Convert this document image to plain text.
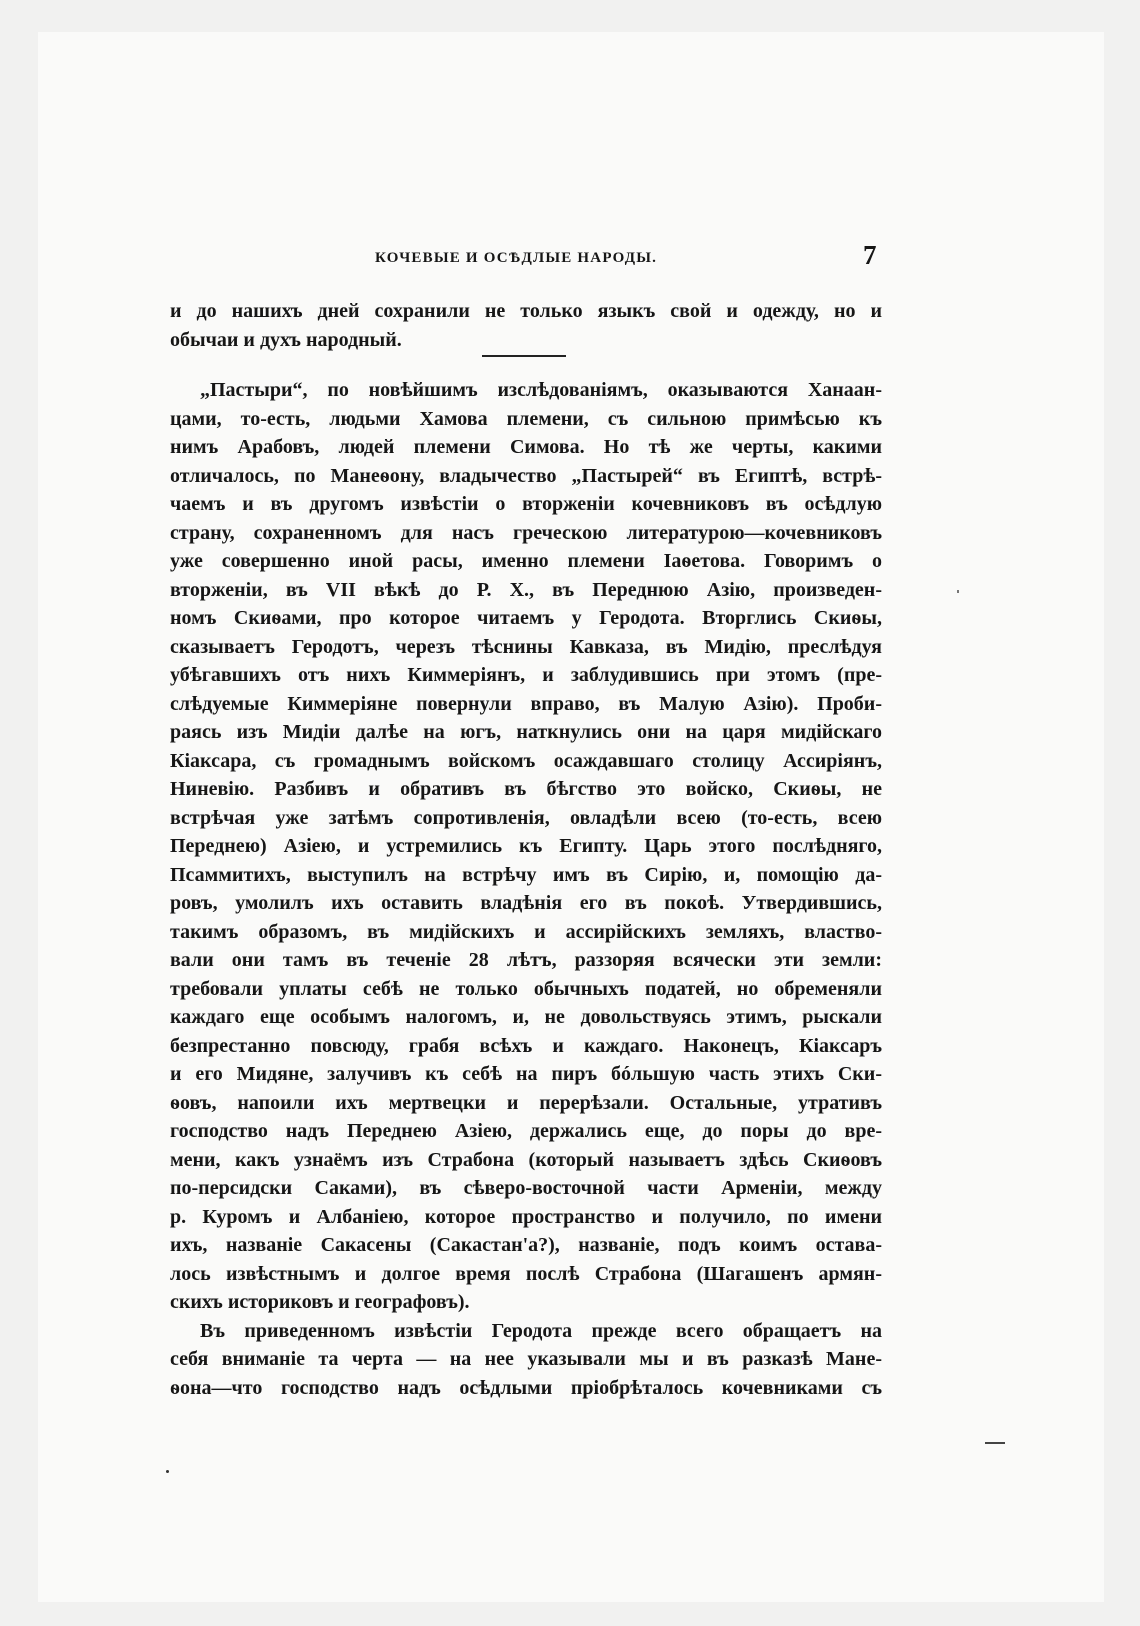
КОЧЕВЫЕ И ОСѢДЛЫЕ НАРОДЫ.	7
и до нашихъ дней сохранили не только языкъ свой и одежду, но и
обычаи и духъ народный.
„Пастыри“, по новѣйшимъ изслѣдованіямъ, оказываются Ханаан-
цами, то-есть, людьми Хамова племени, съ сильною примѣсью къ
нимъ Арабовъ, людей племени Симова. Но тѣ же черты, какими
отличалось, по Манеѳону, владычество „Пастырей“ въ Египтѣ, встрѣ-
чаемъ и въ другомъ извѣстіи о вторженіи кочевниковъ въ осѣдлую
страну, сохраненномъ для насъ греческою литературою—кочевниковъ
уже совершенно иной расы, именно племени Іаѳетова. Говоримъ о
вторженіи, въ VII вѣкѣ до Р. Х., въ Переднюю Азію, произведен-
номъ Скиѳами, про которое читаемъ у Геродота. Вторглись Скиѳы,
сказываетъ Геродотъ, черезъ тѣснины Кавказа, въ Мидію, преслѣдуя
убѣгавшихъ отъ нихъ Киммеріянъ, и заблудившись при этомъ (пре-
слѣдуемые Киммеріяне повернули вправо, въ Малую Азію). Проби-
раясь изъ Мидіи далѣе на югъ, наткнулись они на царя мидійскаго
Кіаксара, съ громаднымъ войскомъ осаждавшаго столицу Ассиріянъ,
Ниневію. Разбивъ и обративъ въ бѣгство это войско, Скиѳы, не
встрѣчая уже затѣмъ сопротивленія, овладѣли всею (то-есть, всею
Переднею) Азіею, и устремились къ Египту. Царь этого послѣдняго,
Псаммитихъ, выступилъ на встрѣчу имъ въ Сирію, и, помощію да-
ровъ, умолилъ ихъ оставить владѣнія его въ покоѣ. Утвердившись,
такимъ образомъ, въ мидійскихъ и ассирійскихъ земляхъ, властво-
вали они тамъ въ теченіе 28 лѣтъ, раззоряя всячески эти земли:
требовали уплаты себѣ не только обычныхъ податей, но обременяли
каждаго еще особымъ налогомъ, и, не довольствуясь этимъ, рыскали
безпрестанно повсюду, грабя всѣхъ и каждаго. Наконецъ, Кіаксаръ
и его Мидяне, залучивъ къ себѣ на пиръ бóльшую часть этихъ Ски-
ѳовъ, напоили ихъ мертвецки и перерѣзали. Остальные, утративъ
господство надъ Переднею Азіею, держались еще, до поры до вре-
мени, какъ узнаёмъ изъ Страбона (который называетъ здѣсь Скиѳовъ
по-персидски Саками), въ сѣверо-восточной части Арменіи, между
р. Куромъ и Албаніею, которое пространство и получило, по имени
ихъ, названіе Сакасены (Сакастан'а?), названіе, подъ коимъ остава-
лось извѣстнымъ и долгое время послѣ Страбона (Шагашенъ армян-
скихъ историковъ и географовъ).
Въ приведенномъ извѣстіи Геродота прежде всего обращаетъ на
себя вниманіе та черта — на нее указывали мы и въ разказѣ Мане-
ѳона—что господство надъ осѣдлыми пріобрѣталось кочевниками съ
